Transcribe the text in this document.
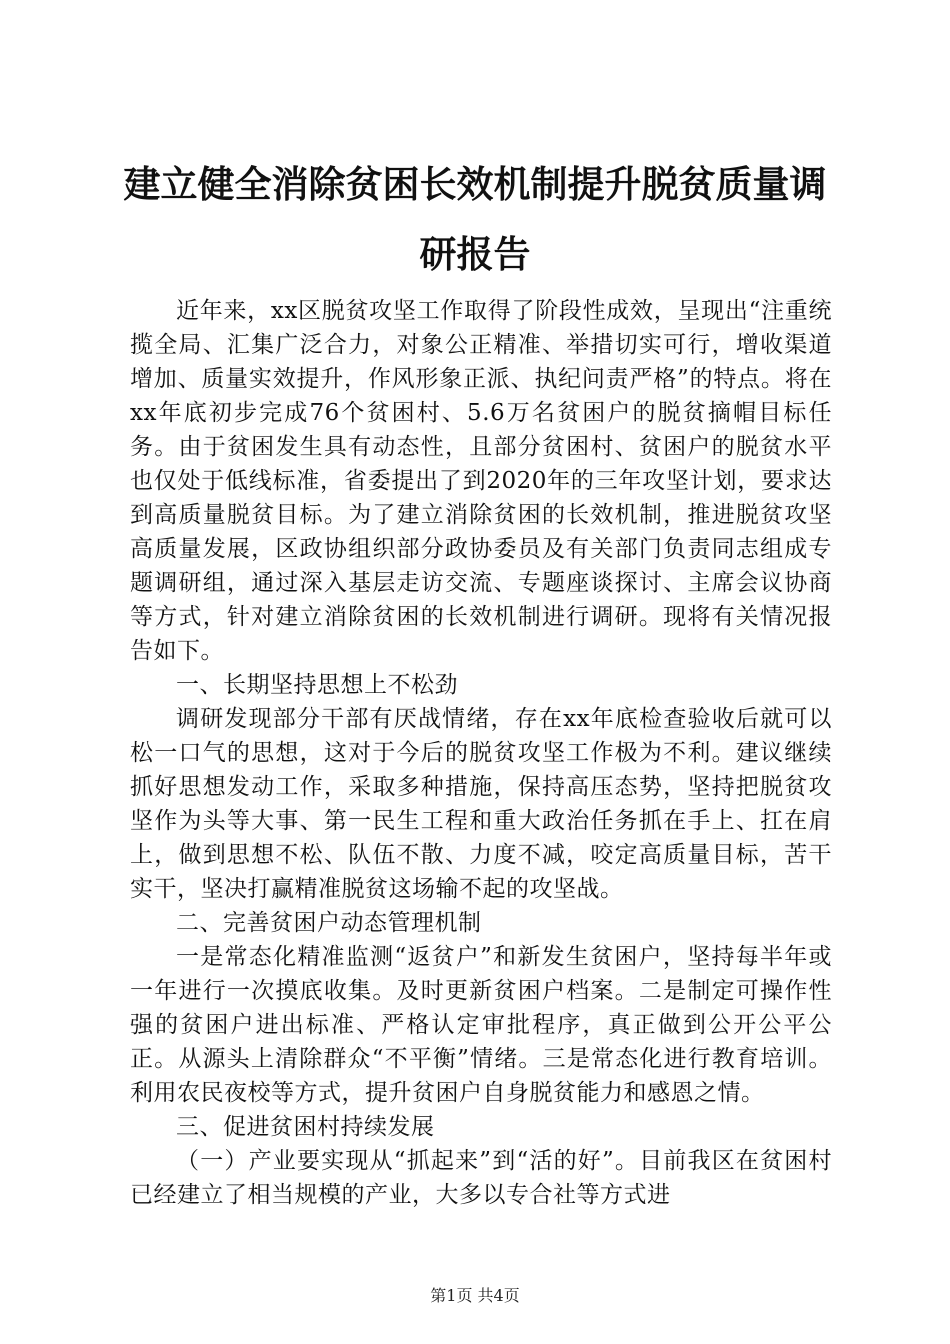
建立健全消除贫困长效机制提升脱贫质量调研报告

近年来，xx区脱贫攻坚工作取得了阶段性成效，呈现出“注重统揽全局、汇集广泛合力，对象公正精准、举措切实可行，增收渠道增加、质量实效提升，作风形象正派、执纪问责严格”的特点。将在xx年底初步完成76个贫困村、5.6万名贫困户的脱贫摘帽目标任务。由于贫困发生具有动态性，且部分贫困村、贫困户的脱贫水平也仅处于低线标准，省委提出了到2020年的三年攻坚计划，要求达到高质量脱贫目标。为了建立消除贫困的长效机制，推进脱贫攻坚高质量发展，区政协组织部分政协委员及有关部门负责同志组成专题调研组，通过深入基层走访交流、专题座谈探讨、主席会议协商等方式，针对建立消除贫困的长效机制进行调研。现将有关情况报告如下。

一、长期坚持思想上不松劲

调研发现部分干部有厌战情绪，存在xx年底检查验收后就可以松一口气的思想，这对于今后的脱贫攻坚工作极为不利。建议继续抓好思想发动工作，采取多种措施，保持高压态势，坚持把脱贫攻坚作为头等大事、第一民生工程和重大政治任务抓在手上、扛在肩上，做到思想不松、队伍不散、力度不减，咬定高质量目标，苦干实干，坚决打赢精准脱贫这场输不起的攻坚战。

二、完善贫困户动态管理机制

一是常态化精准监测“返贫户”和新发生贫困户，坚持每半年或一年进行一次摸底收集。及时更新贫困户档案。二是制定可操作性强的贫困户进出标准、严格认定审批程序，真正做到公开公平公正。从源头上清除群众“不平衡”情绪。三是常态化进行教育培训。利用农民夜校等方式，提升贫困户自身脱贫能力和感恩之情。

三、促进贫困村持续发展

（一）产业要实现从“抓起来”到“活的好”。目前我区在贫困村已经建立了相当规模的产业，大多以专合社等方式进

第1页 共4页
